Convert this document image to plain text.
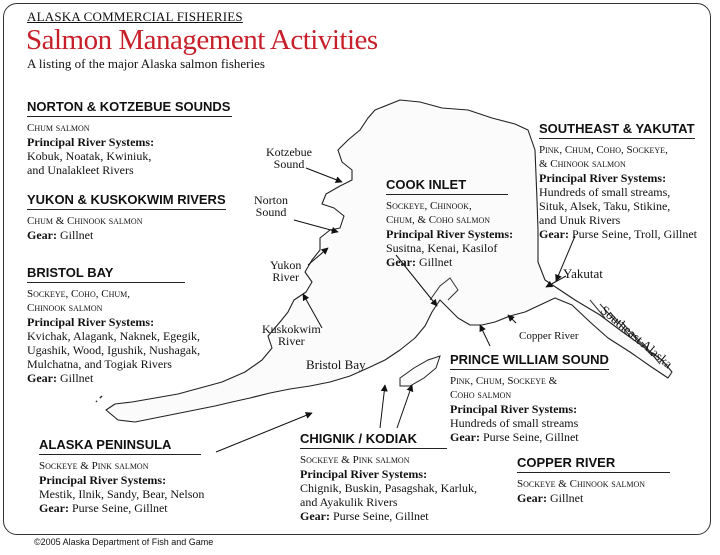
ALASKA COMMERCIAL FISHERIES
Salmon Management Activities
A listing of the major Alaska salmon fisheries
Kotzebue
Sound
Norton
Sound
Yukon
River
Kuskokwim
River
Bristol Bay
Yakutat
Southeast Alaska
Copper River
NORTON & KOTZEBUE SOUNDS
Chum salmon
Principal River Systems:
Kobuk, Noatak, Kwiniuk,
and Unalakleet Rivers
YUKON & KUSKOKWIM RIVERS
Chum & Chinook salmon
Gear: Gillnet
BRISTOL BAY
Sockeye, Coho, Chum,
Chinook salmon
Principal River Systems:
Kvichak, Alagank, Naknek, Egegik,
Ugashik, Wood, Igushik, Nushagak,
Mulchatna, and Togiak Rivers
Gear: Gillnet
ALASKA PENINSULA
Sockeye & Pink salmon
Principal River Systems:
Mestik, Ilnik, Sandy, Bear, Nelson
Gear: Purse Seine, Gillnet
COOK INLET
Sockeye, Chinook,
Chum, & Coho salmon
Principal River Systems:
Susitna, Kenai, Kasilof
Gear: Gillnet
SOUTHEAST & YAKUTAT
Pink, Chum, Coho, Sockeye,
& Chinook salmon
Principal River Systems:
Hundreds of small streams,
Situk, Alsek, Taku, Stikine,
and Unuk Rivers
Gear: Purse Seine, Troll, Gillnet
PRINCE WILLIAM SOUND
Pink, Chum, Sockeye &
Coho salmon
Principal River Systems:
Hundreds of small streams
Gear: Purse Seine, Gillnet
CHIGNIK / KODIAK
Sockeye & Pink salmon
Principal River Systems:
Chignik, Buskin, Pasagshak, Karluk,
and Ayakulik Rivers
Gear: Purse Seine, Gillnet
COPPER RIVER
Sockeye & Chinook salmon
Gear: Gillnet
©2005 Alaska Department of Fish and Game
